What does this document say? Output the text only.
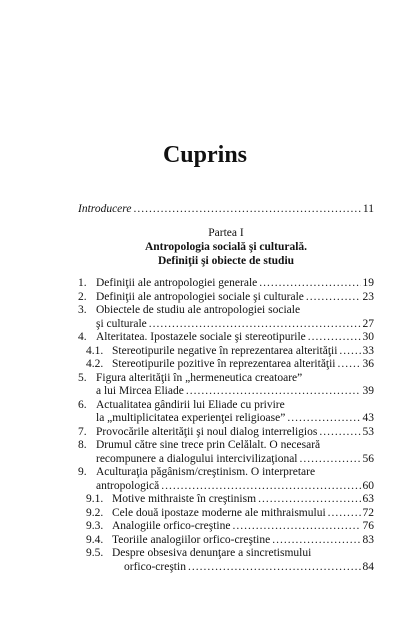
Cuprins
Introducere .....	11
Partea I
Antropologia socială şi culturală.
Definiţii şi obiecte de studiu
1. Definiţii ale antropologiei generale .....	19
2. Definiţii ale antropologiei sociale şi culturale .....	23
3. Obiectele de studiu ale antropologiei sociale
şi culturale .....	27
4. Alteritatea. Ipostazele sociale şi stereotipurile .....	30
4.1. Stereotipurile negative în reprezentarea alterităţii ..... 33
4.2. Stereotipurile pozitive în reprezentarea alterităţii ..... 36
5. Figura alterităţii în „hermeneutica creatoare”
a lui Mircea Eliade .....	39
6. Actualitatea gândirii lui Eliade cu privire
la „multiplicitatea experienţei religioase” .....	43
7. Provocările alterităţii şi noul dialog interreligios .....	53
8. Drumul către sine trece prin Celălalt. O necesară
recompunere a dialogului intercivilizaţional .....	56
9. Aculturaţia păgânism/creştinism. O interpretare
antropologică .....	60
9.1. Motive mithraiste în creştinism .....	63
9.2. Cele două ipostaze moderne ale mithraismului .....	72
9.3. Analogiile orfico-creştine .....	76
9.4. Teoriile analogiilor orfico-creştine .....	83
9.5. Despre obsesiva denunţare a sincretismului
orfico-creştin .....	84
